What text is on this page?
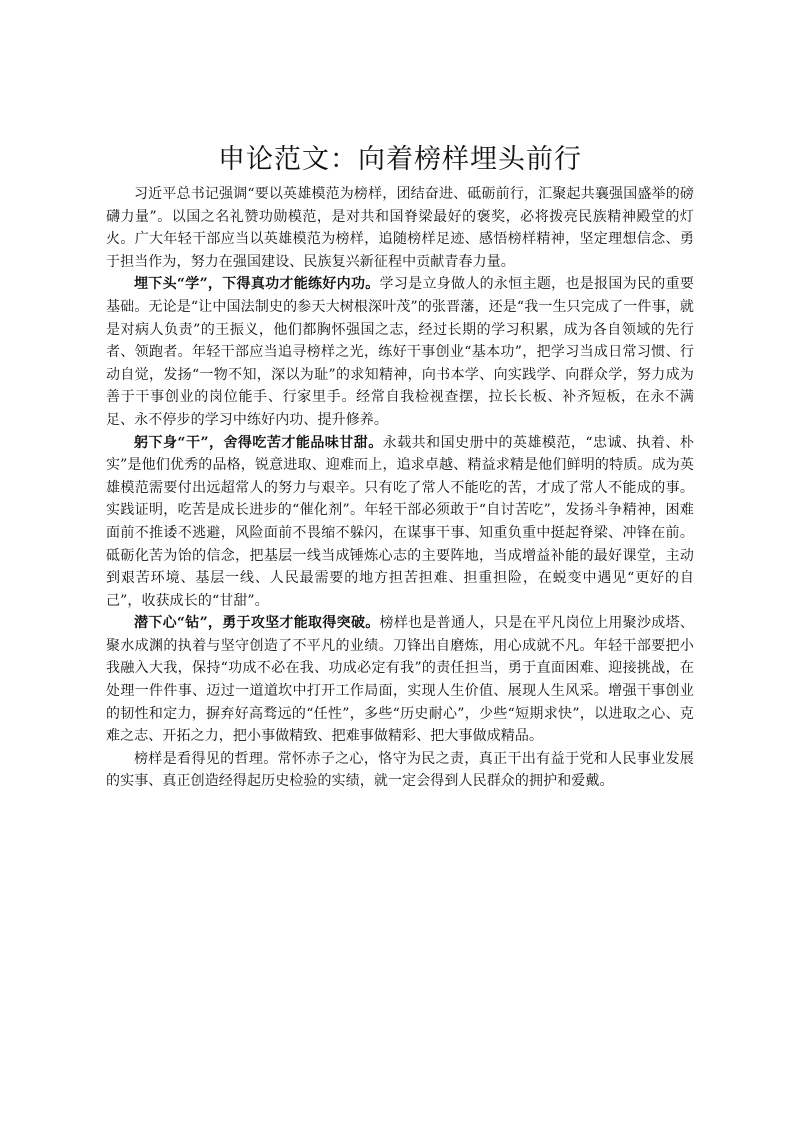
申论范文：向着榜样埋头前行

习近平总书记强调“要以英雄模范为榜样，团结奋进、砥砺前行，汇聚起共襄强国盛举的磅礴力量”。以国之名礼赞功勋模范，是对共和国脊梁最好的褒奖，必将拨亮民族精神殿堂的灯火。广大年轻干部应当以英雄模范为榜样，追随榜样足迹、感悟榜样精神，坚定理想信念、勇于担当作为，努力在强国建设、民族复兴新征程中贡献青春力量。

埋下头“学”，下得真功才能练好内功。学习是立身做人的永恒主题，也是报国为民的重要基础。无论是“让中国法制史的参天大树根深叶茂”的张晋藩，还是“我一生只完成了一件事，就是对病人负责”的王振义，他们都胸怀强国之志，经过长期的学习积累，成为各自领域的先行者、领跑者。年轻干部应当追寻榜样之光，练好干事创业“基本功”，把学习当成日常习惯、行动自觉，发扬“一物不知，深以为耻”的求知精神，向书本学、向实践学、向群众学，努力成为善于干事创业的岗位能手、行家里手。经常自我检视查摆，拉长长板、补齐短板，在永不满足、永不停步的学习中练好内功、提升修养。

躬下身“干”，舍得吃苦才能品味甘甜。永载共和国史册中的英雄模范，“忠诚、执着、朴实”是他们优秀的品格，锐意进取、迎难而上，追求卓越、精益求精是他们鲜明的特质。成为英雄模范需要付出远超常人的努力与艰辛。只有吃了常人不能吃的苦，才成了常人不能成的事。实践证明，吃苦是成长进步的“催化剂”。年轻干部必须敢于“自讨苦吃”，发扬斗争精神，困难面前不推诿不逃避，风险面前不畏缩不躲闪，在谋事干事、知重负重中挺起脊梁、冲锋在前。砥砺化苦为饴的信念，把基层一线当成锤炼心志的主要阵地，当成增益补能的最好课堂，主动到艰苦环境、基层一线、人民最需要的地方担苦担难、担重担险，在蜕变中遇见“更好的自己”，收获成长的“甘甜”。

潜下心“钻”，勇于攻坚才能取得突破。榜样也是普通人，只是在平凡岗位上用聚沙成塔、聚水成渊的执着与坚守创造了不平凡的业绩。刀锋出自磨炼，用心成就不凡。年轻干部要把小我融入大我，保持“功成不必在我、功成必定有我”的责任担当，勇于直面困难、迎接挑战，在处理一件件事、迈过一道道坎中打开工作局面，实现人生价值、展现人生风采。增强干事创业的韧性和定力，摒弃好高骛远的“任性”，多些“历史耐心”，少些“短期求快”，以进取之心、克难之志、开拓之力，把小事做精致、把难事做精彩、把大事做成精品。

榜样是看得见的哲理。常怀赤子之心，恪守为民之责，真正干出有益于党和人民事业发展的实事、真正创造经得起历史检验的实绩，就一定会得到人民群众的拥护和爱戴。
